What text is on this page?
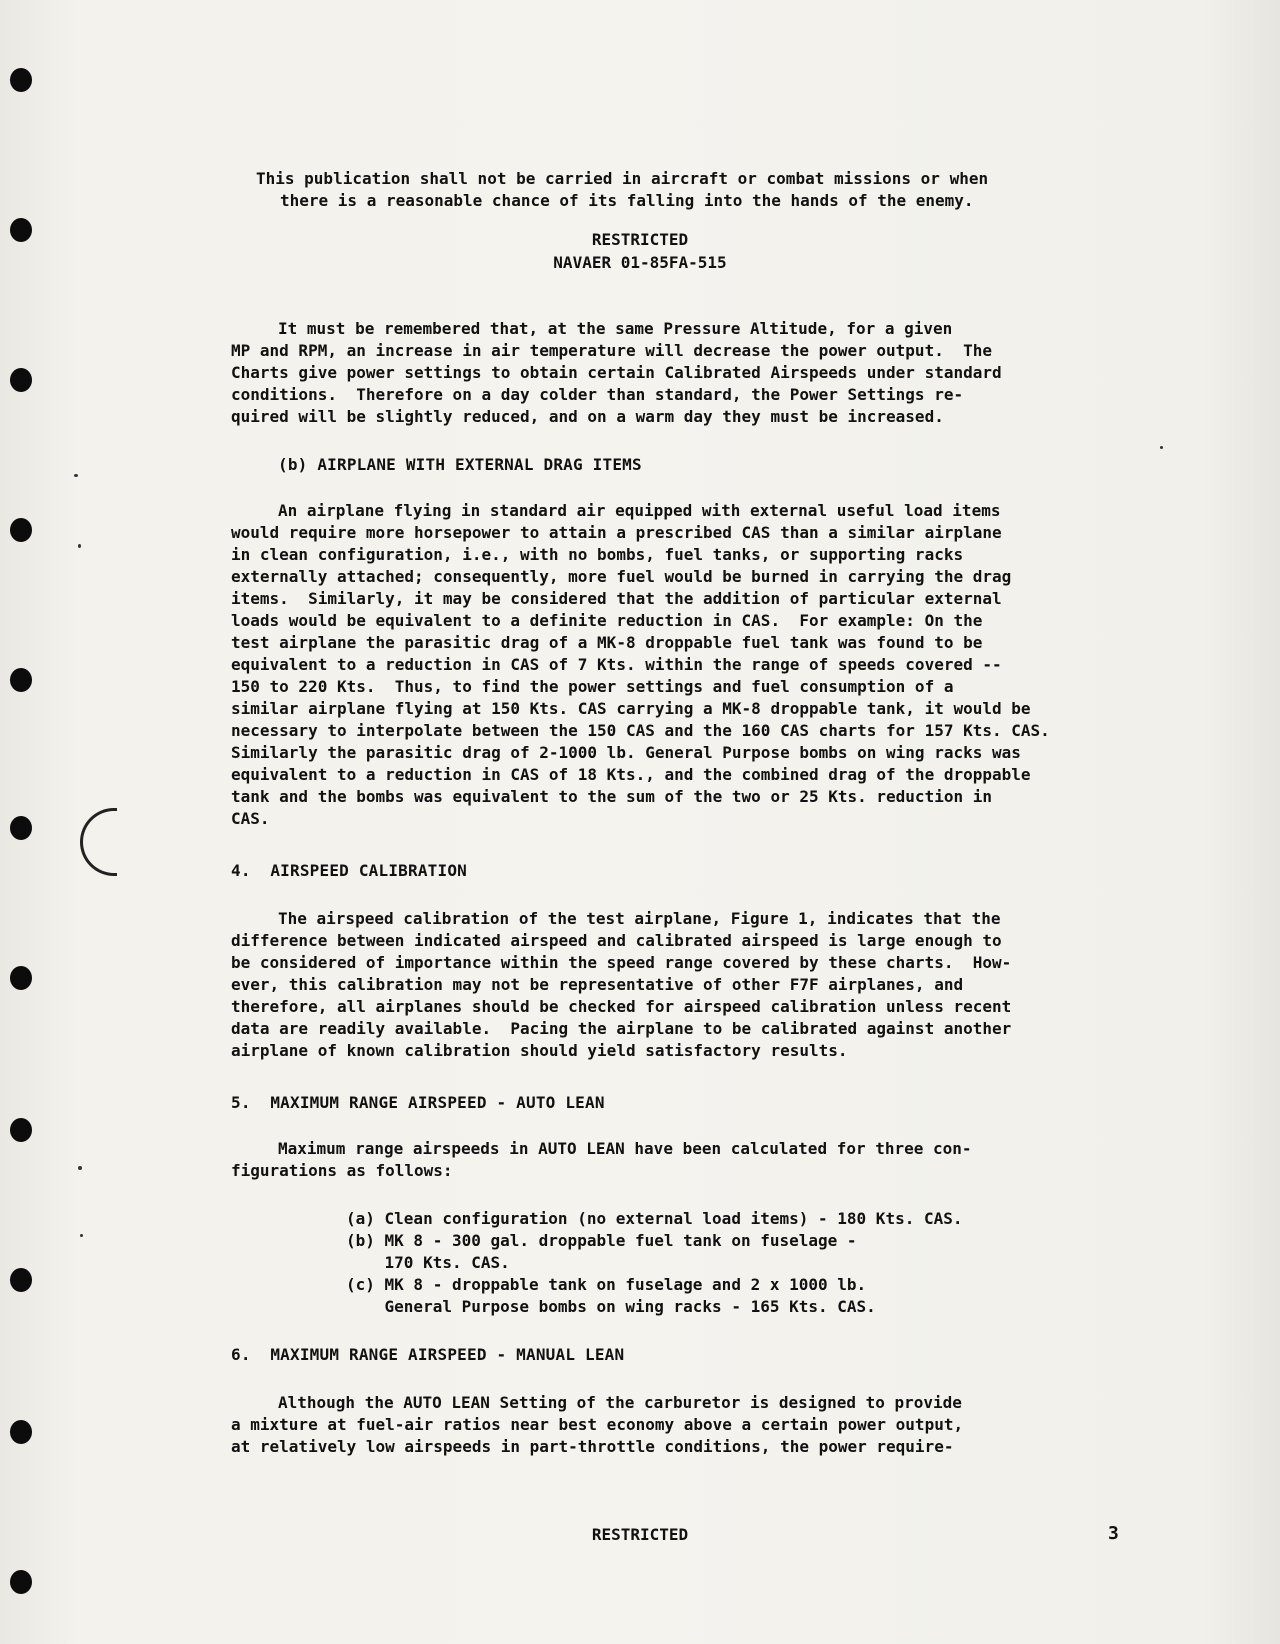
This publication shall not be carried in aircraft or combat missions or when
there is a reasonable chance of its falling into the hands of the enemy.
RESTRICTED
NAVAER 01-85FA-515
It must be remembered that, at the same Pressure Altitude, for a given
MP and RPM, an increase in air temperature will decrease the power output.  The
Charts give power settings to obtain certain Calibrated Airspeeds under standard
conditions.  Therefore on a day colder than standard, the Power Settings re-
quired will be slightly reduced, and on a warm day they must be increased.
(b) AIRPLANE WITH EXTERNAL DRAG ITEMS
An airplane flying in standard air equipped with external useful load items
would require more horsepower to attain a prescribed CAS than a similar airplane
in clean configuration, i.e., with no bombs, fuel tanks, or supporting racks
externally attached; consequently, more fuel would be burned in carrying the drag
items.  Similarly, it may be considered that the addition of particular external
loads would be equivalent to a definite reduction in CAS.  For example: On the
test airplane the parasitic drag of a MK-8 droppable fuel tank was found to be
equivalent to a reduction in CAS of 7 Kts. within the range of speeds covered --
150 to 220 Kts.  Thus, to find the power settings and fuel consumption of a
similar airplane flying at 150 Kts. CAS carrying a MK-8 droppable tank, it would be
necessary to interpolate between the 150 CAS and the 160 CAS charts for 157 Kts. CAS.
Similarly the parasitic drag of 2-1000 lb. General Purpose bombs on wing racks was
equivalent to a reduction in CAS of 18 Kts., and the combined drag of the droppable
tank and the bombs was equivalent to the sum of the two or 25 Kts. reduction in
CAS.
4.  AIRSPEED CALIBRATION
The airspeed calibration of the test airplane, Figure 1, indicates that the
difference between indicated airspeed and calibrated airspeed is large enough to
be considered of importance within the speed range covered by these charts.  How-
ever, this calibration may not be representative of other F7F airplanes, and
therefore, all airplanes should be checked for airspeed calibration unless recent
data are readily available.  Pacing the airplane to be calibrated against another
airplane of known calibration should yield satisfactory results.
5.  MAXIMUM RANGE AIRSPEED - AUTO LEAN
Maximum range airspeeds in AUTO LEAN have been calculated for three con-
figurations as follows:
(a) Clean configuration (no external load items) - 180 Kts. CAS.
(b) MK 8 - 300 gal. droppable fuel tank on fuselage -
170 Kts. CAS.
(c) MK 8 - droppable tank on fuselage and 2 x 1000 lb.
General Purpose bombs on wing racks - 165 Kts. CAS.
6.  MAXIMUM RANGE AIRSPEED - MANUAL LEAN
Although the AUTO LEAN Setting of the carburetor is designed to provide
a mixture at fuel-air ratios near best economy above a certain power output,
at relatively low airspeeds in part-throttle conditions, the power require-
RESTRICTED	3
